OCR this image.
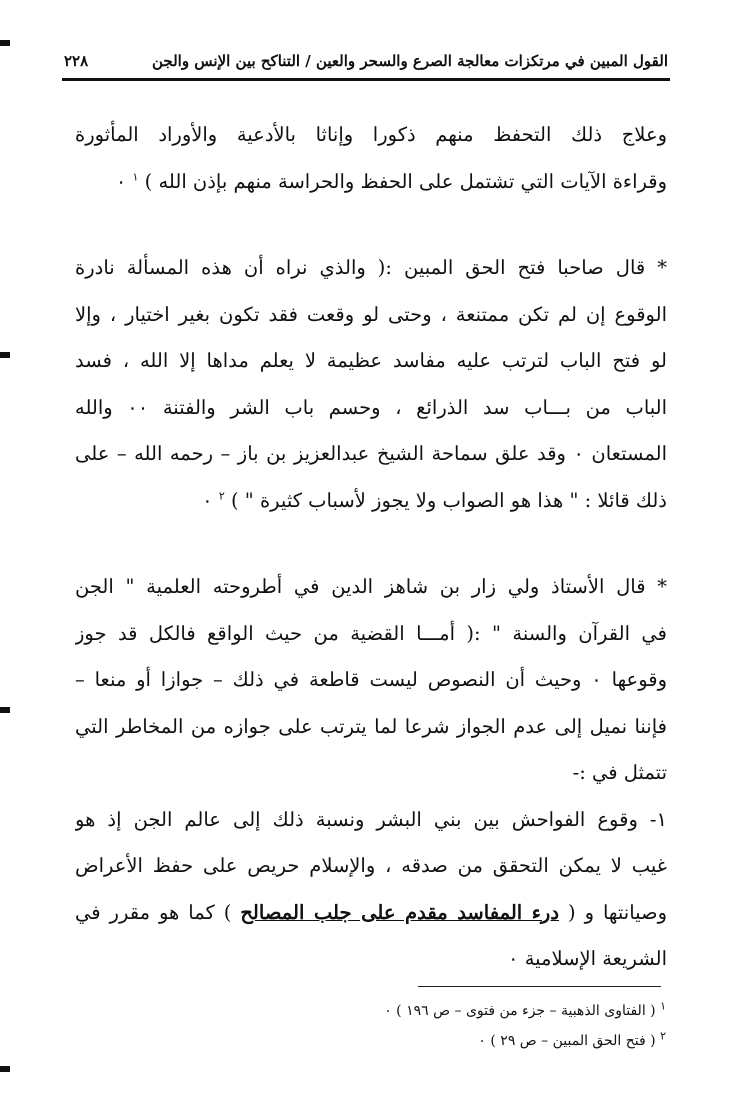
القول المبين في مرتكزات معالجة الصرع والسحر والعين / التناكح بين الإنس والجن
٢٢٨
وعلاج ذلك التحفظ منهم ذكورا وإناثا بالأدعية والأوراد المأثورة
وقراءة الآيات التي تشتمل على الحفظ والحراسة منهم بإذن الله ) $^١$ ٠
* قال صاحبا فتح الحق المبين :( والذي نراه أن هذه المسألة نادرة
الوقوع إن لم تكن ممتنعة ، وحتى لو وقعت فقد تكون بغير اختيار ، وإلا
لو فتح الباب لترتب عليه مفاسد عظيمة لا يعلم مداها إلا الله ، فسد
الباب من بـــاب سد الذرائع ، وحسم باب الشر والفتنة ٠٠ والله
المستعان ٠ وقد علق سماحة الشيخ عبدالعزيز بن باز – رحمه الله – على
ذلك قائلا : " هذا هو الصواب ولا يجوز لأسباب كثيرة " ) $^٢$ ٠
* قال الأستاذ ولي زار بن شاهز الدين في أطروحته العلمية " الجن
في القرآن والسنة " :( أمـــا القضية من حيث الواقع فالكل قد جوز
وقوعها ٠ وحيث أن النصوص ليست قاطعة في ذلك – جوازا أو منعا –
فإننا نميل إلى عدم الجواز شرعا لما يترتب على جوازه من المخاطر التي
تتمثل في :-
١- وقوع الفواحش بين بني البشر ونسبة ذلك إلى عالم الجن إذ هو
غيب لا يمكن التحقق من صدقه ، والإسلام حريص على حفظ الأعراض
وصيانتها و ( درء المفاسد مقدم على جلب المصالح ) كما هو مقرر في
الشريعة الإسلامية ٠
$^١$ ( الفتاوى الذهبية – جزء من فتوى – ص ١٩٦ ) ٠
$^٢$ ( فتح الحق المبين – ص ٢٩ ) ٠
